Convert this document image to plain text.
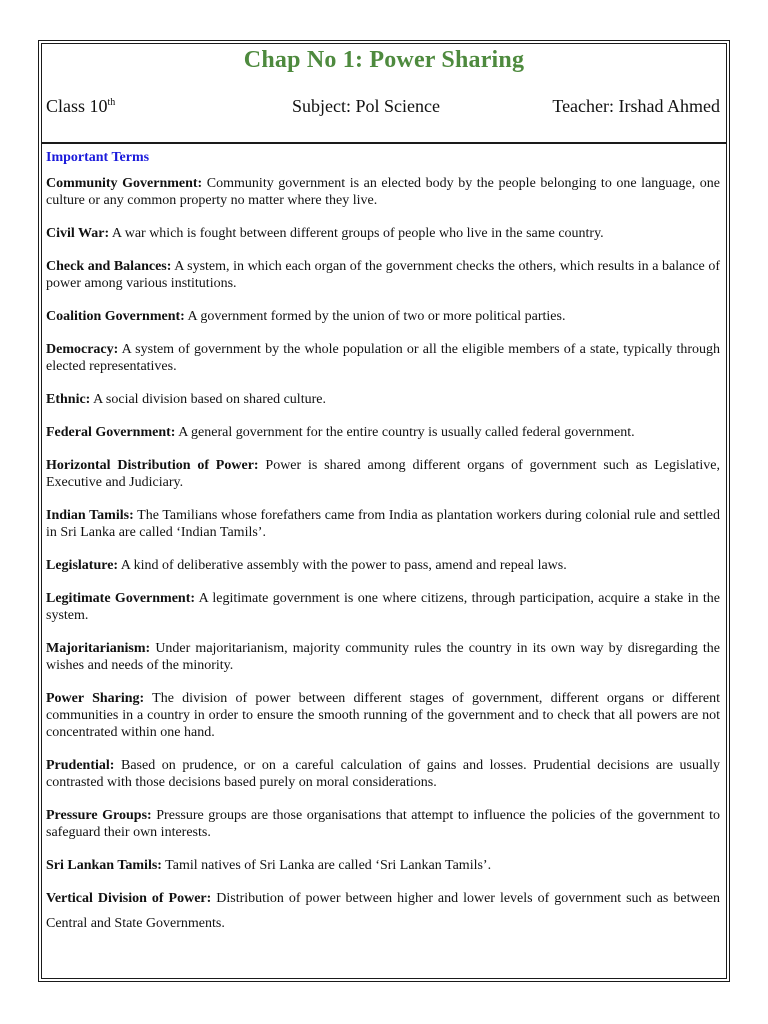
Chap No 1: Power Sharing
Class 10th	Subject: Pol Science	Teacher: Irshad Ahmed
Important Terms

Community Government: Community government is an elected body by the people belonging to one language, one culture or any common property no matter where they live.

Civil War: A war which is fought between different groups of people who live in the same country.

Check and Balances: A system, in which each organ of the government checks the others, which results in a balance of power among various institutions.

Coalition Government: A government formed by the union of two or more political parties.

Democracy: A system of government by the whole population or all the eligible members of a state, typically through elected representatives.

Ethnic: A social division based on shared culture.

Federal Government: A general government for the entire country is usually called federal government.

Horizontal Distribution of Power: Power is shared among different organs of government such as Legislative, Executive and Judiciary.

Indian Tamils: The Tamilians whose forefathers came from India as plantation workers during colonial rule and settled in Sri Lanka are called ‘Indian Tamils’.

Legislature: A kind of deliberative assembly with the power to pass, amend and repeal laws.

Legitimate Government: A legitimate government is one where citizens, through participation, acquire a stake in the system.

Majoritarianism: Under majoritarianism, majority community rules the country in its own way by disregarding the wishes and needs of the minority.

Power Sharing: The division of power between different stages of government, different organs or different communities in a country in order to ensure the smooth running of the government and to check that all powers are not concentrated within one hand.

Prudential: Based on prudence, or on a careful calculation of gains and losses. Prudential decisions are usually contrasted with those decisions based purely on moral considerations.

Pressure Groups: Pressure groups are those organisations that attempt to influence the policies of the government to safeguard their own interests.

Sri Lankan Tamils: Tamil natives of Sri Lanka are called ‘Sri Lankan Tamils’.

Vertical Division of Power: Distribution of power between higher and lower levels of government such as between Central and State Governments.
